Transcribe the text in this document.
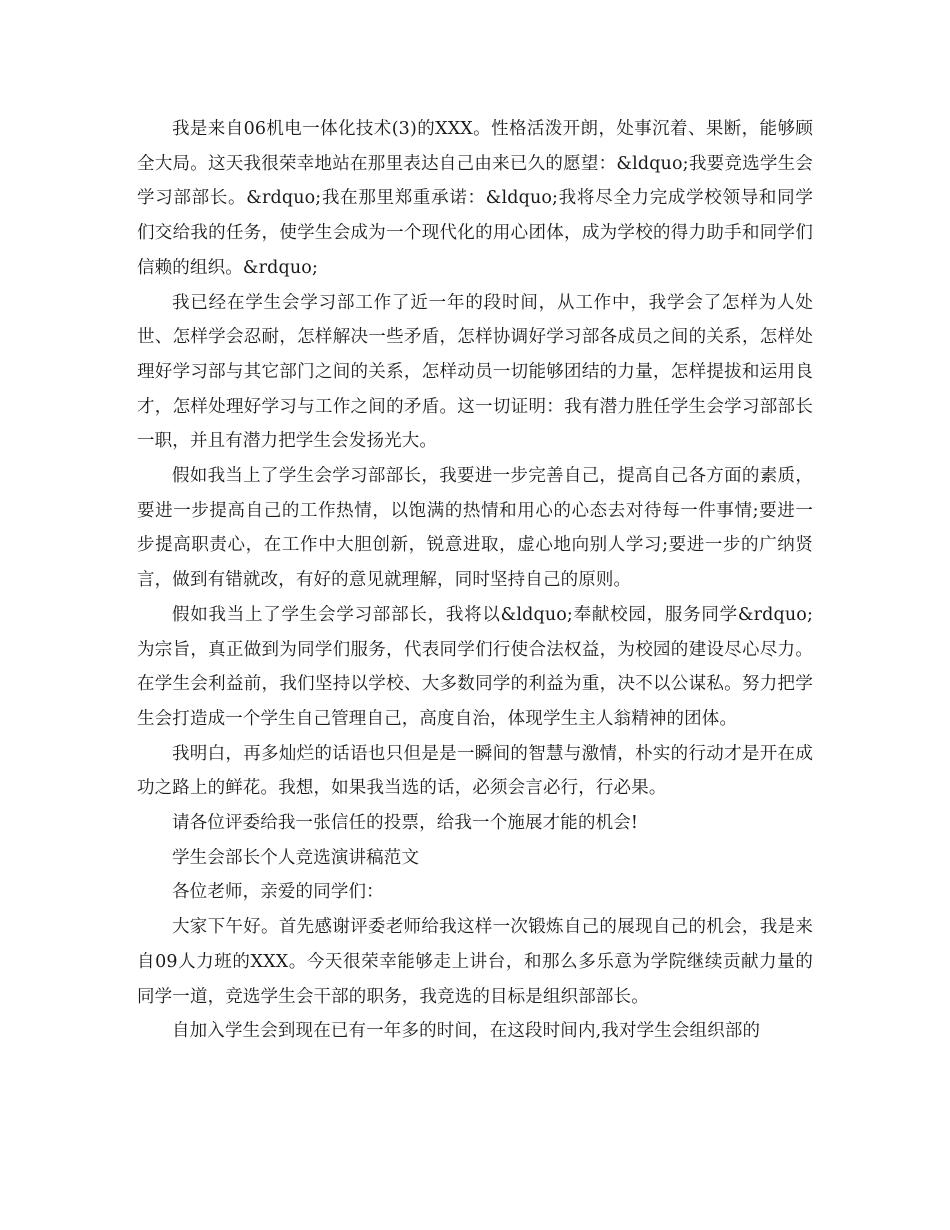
我是来自06机电一体化技术(3)的XXX。性格活泼开朗，处事沉着、果断，能够顾全大局。这天我很荣幸地站在那里表达自己由来已久的愿望：&ldquo;我要竞选学生会学习部部长。&rdquo;我在那里郑重承诺：&ldquo;我将尽全力完成学校领导和同学们交给我的任务，使学生会成为一个现代化的用心团体，成为学校的得力助手和同学们信赖的组织。&rdquo;

我已经在学生会学习部工作了近一年的段时间，从工作中，我学会了怎样为人处世、怎样学会忍耐，怎样解决一些矛盾，怎样协调好学习部各成员之间的关系，怎样处理好学习部与其它部门之间的关系，怎样动员一切能够团结的力量，怎样提拔和运用良才，怎样处理好学习与工作之间的矛盾。这一切证明：我有潜力胜任学生会学习部部长一职，并且有潜力把学生会发扬光大。

假如我当上了学生会学习部部长，我要进一步完善自己，提高自己各方面的素质，要进一步提高自己的工作热情，以饱满的热情和用心的心态去对待每一件事情;要进一步提高职责心，在工作中大胆创新，锐意进取，虚心地向别人学习;要进一步的广纳贤言，做到有错就改，有好的意见就理解，同时坚持自己的原则。

假如我当上了学生会学习部部长，我将以&ldquo;奉献校园，服务同学&rdquo;为宗旨，真正做到为同学们服务，代表同学们行使合法权益，为校园的建设尽心尽力。在学生会利益前，我们坚持以学校、大多数同学的利益为重，决不以公谋私。努力把学生会打造成一个学生自己管理自己，高度自治，体现学生主人翁精神的团体。

我明白，再多灿烂的话语也只但是是一瞬间的智慧与激情，朴实的行动才是开在成功之路上的鲜花。我想，如果我当选的话，必须会言必行，行必果。

请各位评委给我一张信任的投票，给我一个施展才能的机会!

学生会部长个人竞选演讲稿范文

各位老师，亲爱的同学们：

大家下午好。首先感谢评委老师给我这样一次锻炼自己的展现自己的机会，我是来自09人力班的XXX。今天很荣幸能够走上讲台，和那么多乐意为学院继续贡献力量的同学一道，竞选学生会干部的职务，我竞选的目标是组织部部长。

自加入学生会到现在已有一年多的时间，在这段时间内,我对学生会组织部的
